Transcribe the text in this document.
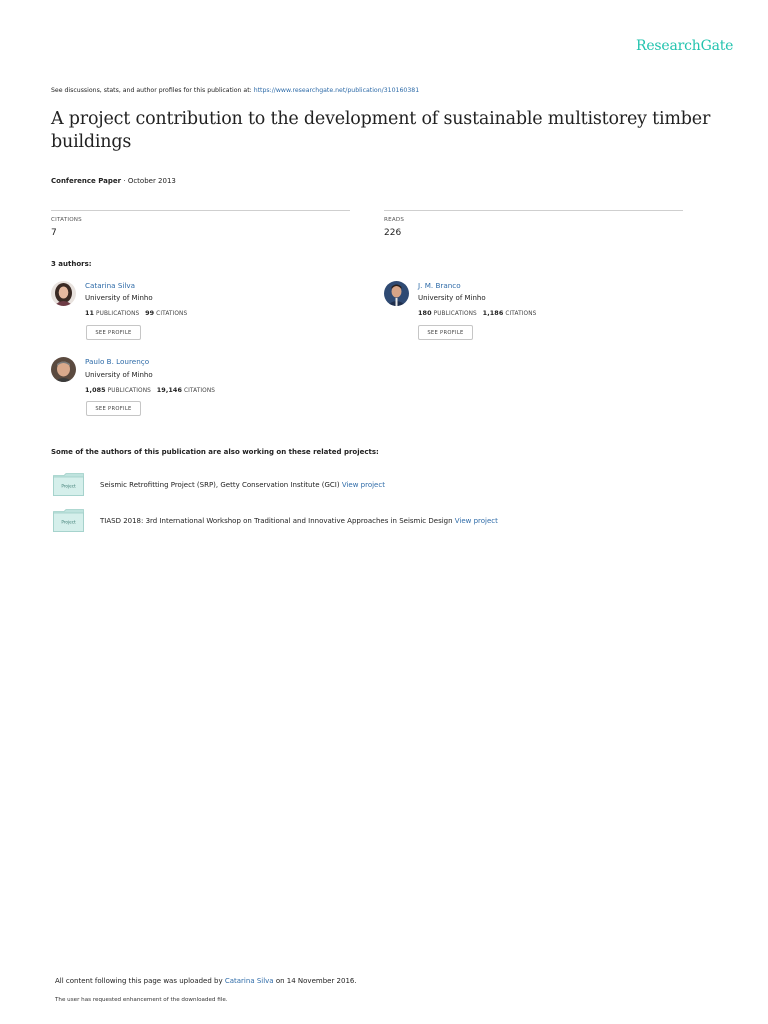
ResearchGate
See discussions, stats, and author profiles for this publication at: https://www.researchgate.net/publication/310160381
A project contribution to the development of sustainable multistorey timber buildings
Conference Paper · October 2013
CITATIONS
7
READS
226
3 authors:
Catarina Silva
University of Minho
11 PUBLICATIONS 99 CITATIONS
SEE PROFILE
J. M. Branco
University of Minho
180 PUBLICATIONS 1,186 CITATIONS
SEE PROFILE
Paulo B. Lourenço
University of Minho
1,085 PUBLICATIONS 19,146 CITATIONS
SEE PROFILE
Some of the authors of this publication are also working on these related projects:
Project	Seismic Retrofitting Project (SRP), Getty Conservation Institute (GCI) View project
Project	TIASD 2018: 3rd International Workshop on Traditional and Innovative Approaches in Seismic Design View project
All content following this page was uploaded by Catarina Silva on 14 November 2016.
The user has requested enhancement of the downloaded file.
